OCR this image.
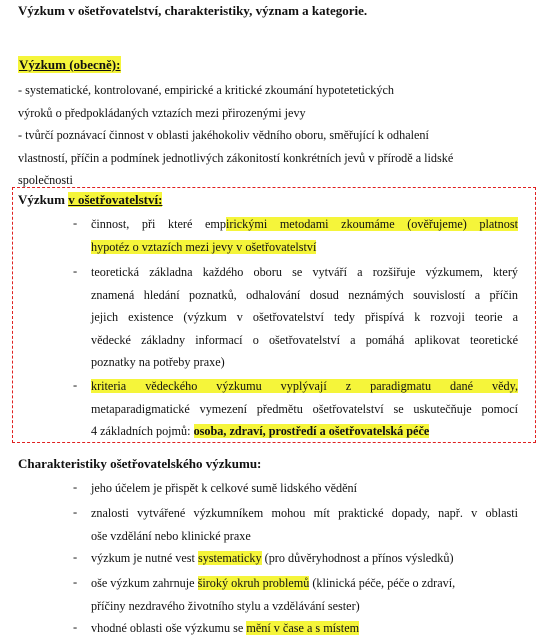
Výzkum v ošetřovatelství, charakteristiky, význam a kategorie.
Výzkum (obecně):
- systematické, kontrolované, empirické a kritické zkoumání hypotetetických
výroků o předpokládaných vztazích mezi přirozenými jevy
- tvůrčí poznávací činnost v oblasti jakéhokoliv vědního oboru, směřující k odhalení
vlastností, příčin a podmínek jednotlivých zákonitostí konkrétních jevů v přírodě a lidské
společnosti
Výzkum v ošetřovatelství:
- činnost, při které empirickými metodami zkoumáme (ověřujeme) platnost
hypotéz o vztazích mezi jevy v ošetřovatelství
- teoretická základna každého oboru se vytváří a rozšiřuje výzkumem, který
znamená hledání poznatků, odhalování dosud neznámých souvislostí a příčin
jejich existence (výzkum v ošetřovatelství tedy přispívá k rozvoji teorie a
vědecké základny informací o ošetřovatelství a pomáhá aplikovat teoretické
poznatky na potřeby praxe)
- kriteria vědeckého výzkumu vyplývají z paradigmatu dané vědy,
metaparadigmatické vymezení předmětu ošetřovatelství se uskutečňuje pomocí
4 základních pojmů: osoba, zdraví, prostředí a ošetřovatelská péče
Charakteristiky ošetřovatelského výzkumu:
- jeho účelem je přispět k celkové sumě lidského vědění
- znalosti vytvářené výzkumníkem mohou mít praktické dopady, např. v oblasti
oše vzdělání nebo klinické praxe
- výzkum je nutné vest systematicky (pro důvěryhodnost a přínos výsledků)
- oše výzkum zahrnuje široký okruh problemů (klinická péče, péče o zdraví,
příčiny nezdravého životního stylu a vzdělávání sester)
- vhodné oblasti oše výzkumu se mění v čase a s místem
